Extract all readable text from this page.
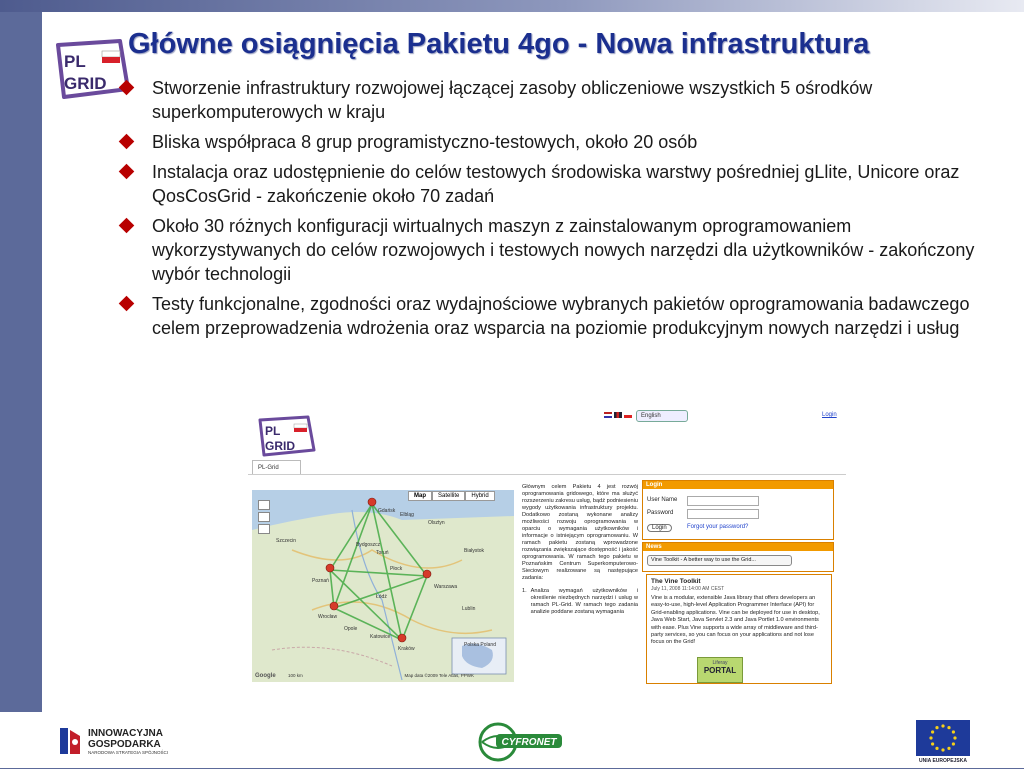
PL
GRID
Główne osiągnięcia Pakietu 4go - Nowa infrastruktura
Stworzenie infrastruktury rozwojowej łączącej zasoby obliczeniowe wszystkich 5 ośrodków superkomputerowych w kraju
Bliska współpraca 8 grup programistyczno-testowych, około 20 osób
Instalacja oraz udostępnienie do celów testowych środowiska warstwy pośredniej gLlite, Unicore oraz QosCosGrid - zakończenie około 70 zadań
Około 30 różnych konfiguracji wirtualnych maszyn z zainstalowanym oprogramowaniem wykorzystywanych do celów rozwojowych i testowych nowych narzędzi dla użytkowników - zakończony wybór technologii
Testy funkcjonalne, zgodności oraz wydajnościowe wybranych pakietów oprogramowania badawczego celem przeprowadzenia wdrożenia oraz wsparcia na poziomie produkcyjnym nowych narzędzi i usług
PL
GRID
English	Login
PL-Grid
Map	Satellite	Hybrid
Gdańsk
Elbląg
Olsztyn
Bydgoszcz
Toruń	Białystok
Poznań
Warszawa
Płock
Łódź
Wrocław
Lublin
Kraków
Katowice
Opole
Szczecin
Polska Poland
Google	100 km	Map data ©2009 Tele Atlas, PPWK
Głównym celem Pakietu 4 jest rozwój oprogramowania gridowego, które ma służyć rozszerzeniu zakresu usług, bądź podniesieniu wygody użytkowania infrastruktury projektu. Dodatkowo zostaną wykonane analizy możliwości rozwoju oprogramowania w oparciu o wymagania użytkowników i informacje o istniejącym oprogramowaniu. W ramach pakietu zostaną wprowadzone rozwiązania zwiększające dostępność i jakość oprogramowania. W ramach tego pakietu w Poznańskim Centrum Superkomputerowo-Sieciowym realizowane są następujące zadania:
1. Analiza wymagań użytkowników i określenie niezbędnych narzędzi i usług w ramach PL-Grid. W ramach tego zadania analizie poddane zostaną wymagania
Login
User Name
Password
Login	Forgot your password?
News
Vine Toolkit - A better way to use the Grid...
The Vine Toolkit
July 11, 2008 11:14:00 AM CEST
Vine is a modular, extensible Java library that offers developers an easy-to-use, high-level Application Programmer Interface (API) for Grid-enabling applications. Vine can be deployed for use in desktop, Java Web Start, Java Servlet 2.3 and Java Portlet 1.0 environments with ease. Plus Vine supports a wide array of middleware and third-party services, so you can focus on your applications and not lose focus on the Grid!
Liferay
PORTAL
INNOWACYJNA
GOSPODARKA
NARODOWA STRATEGIA SPÓJNOŚCI
CYFRONET
UNIA EUROPEJSKA
